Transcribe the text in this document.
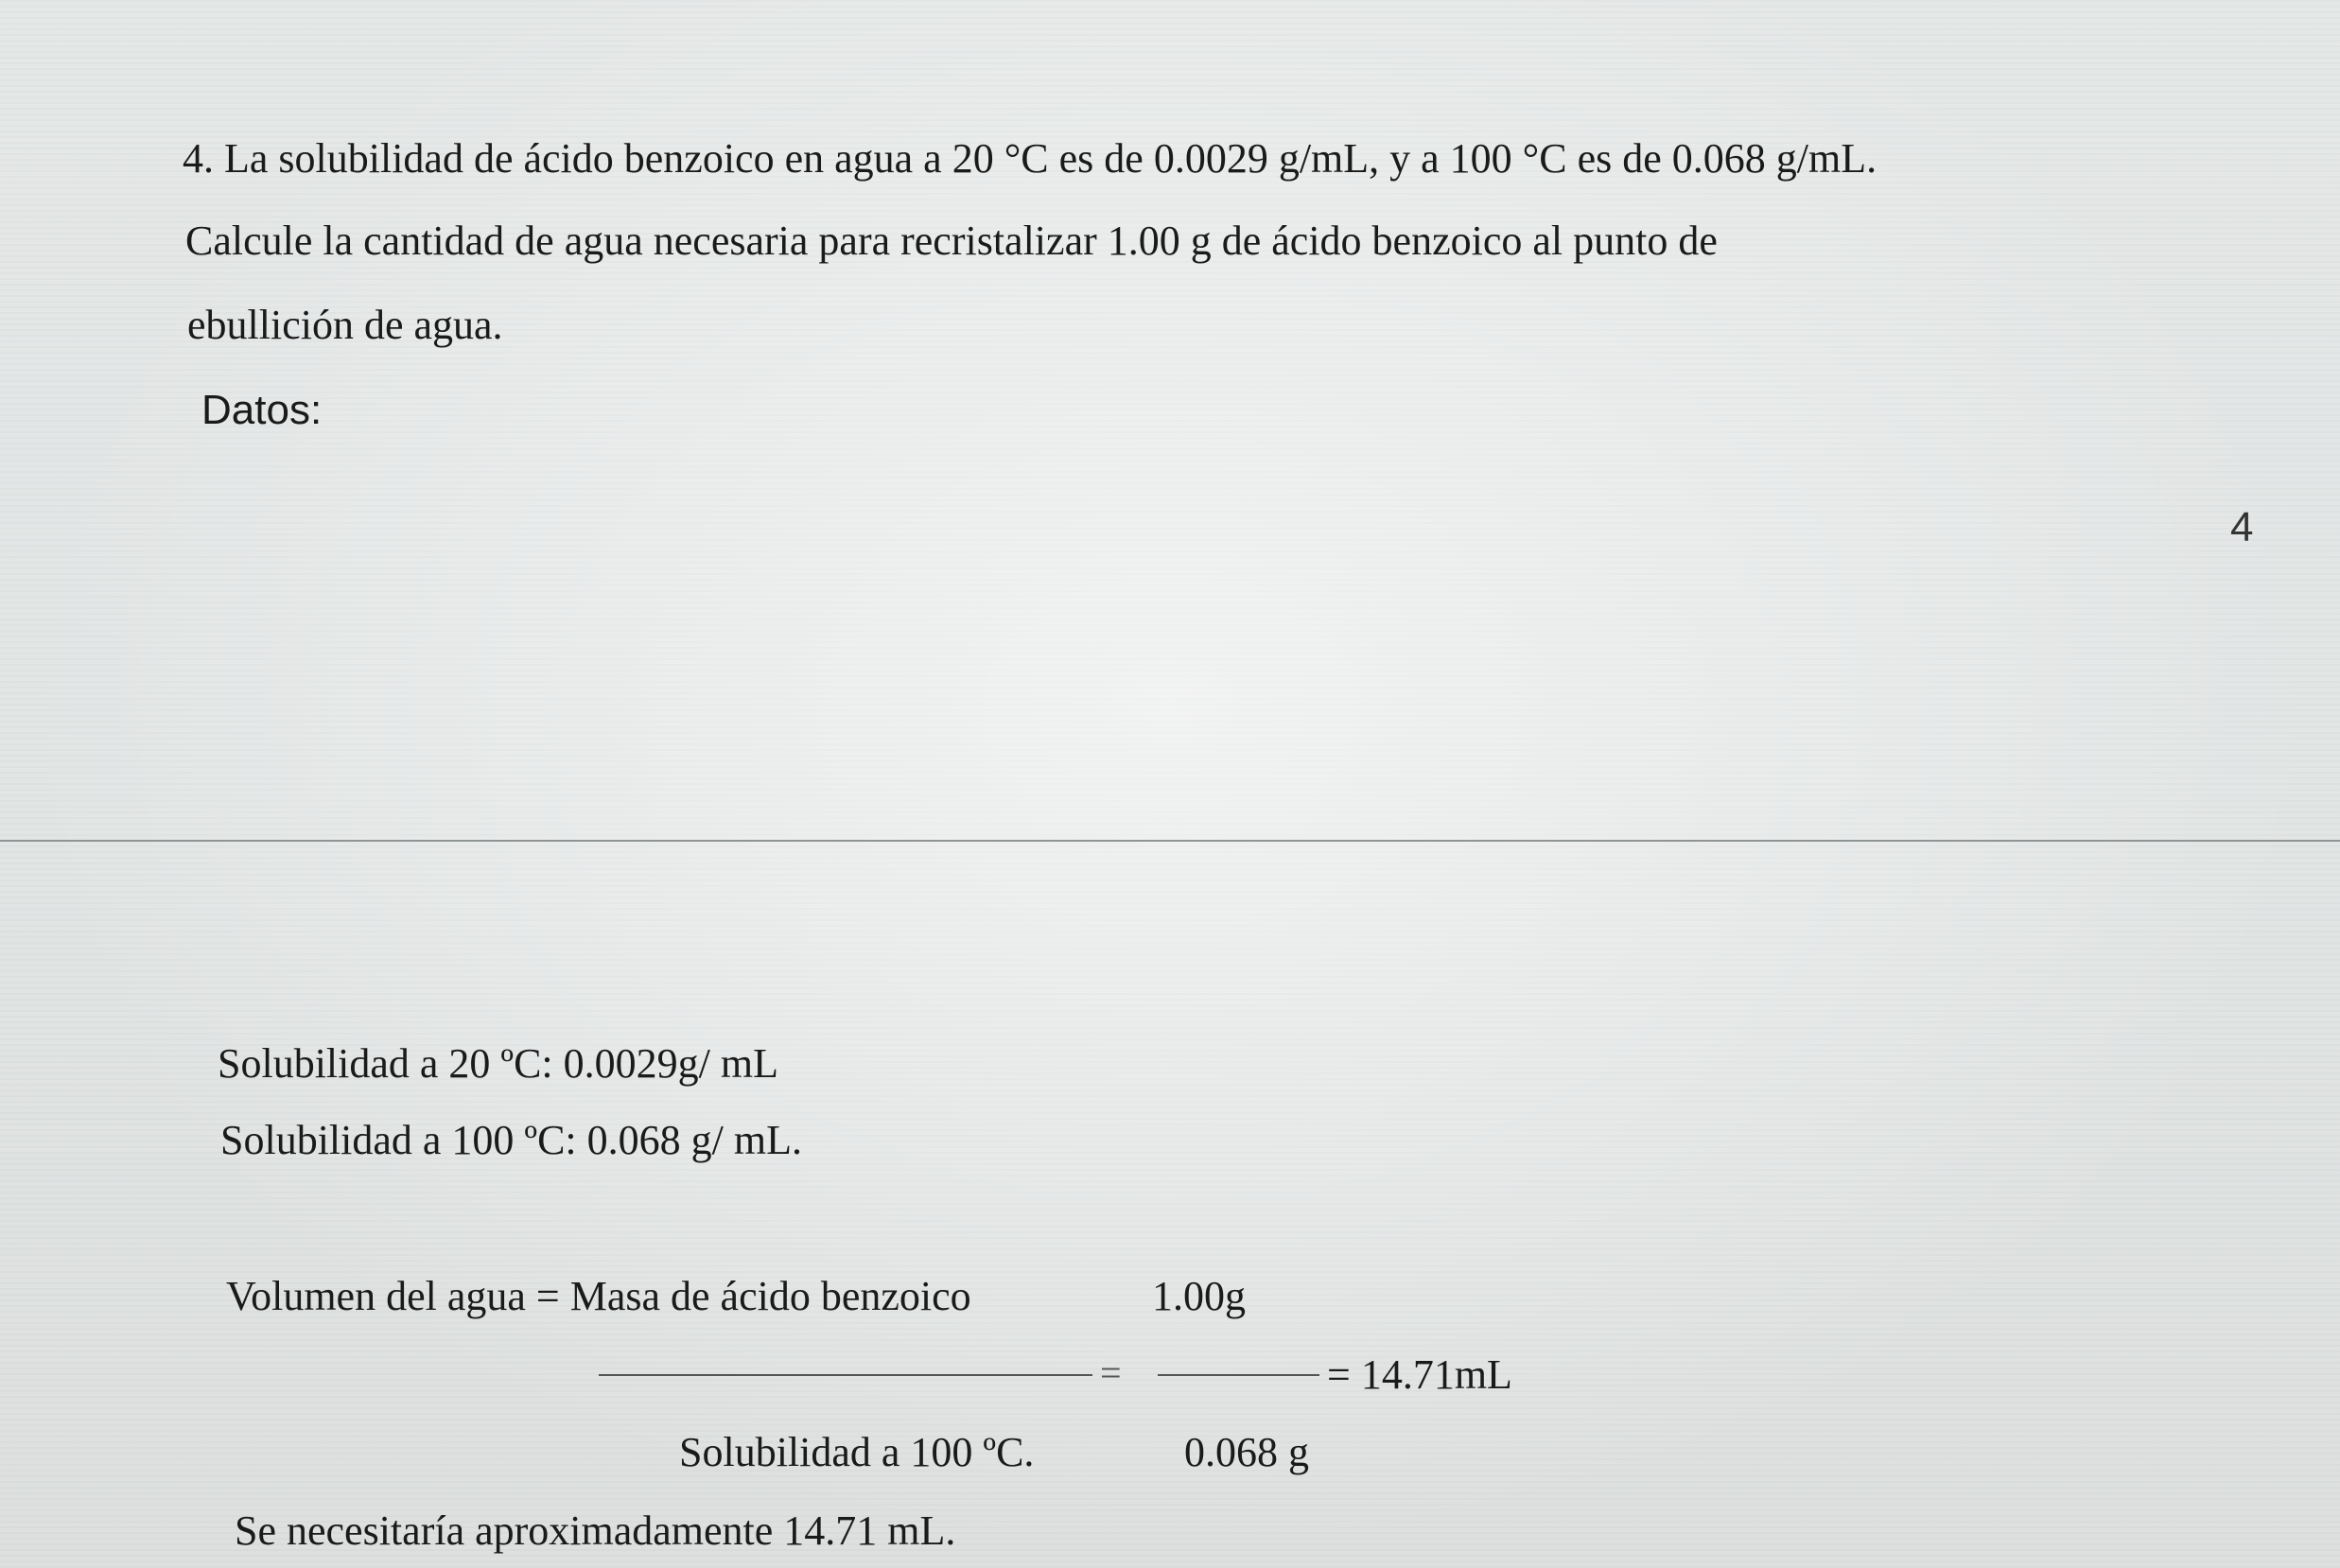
4. La solubilidad de ácido benzoico en agua a 20 °C es de 0.0029 g/mL, y a 100 °C es de 0.068 g/mL.
Calcule la cantidad de agua necesaria para recristalizar 1.00 g de ácido benzoico al punto de
ebullición de agua.
Datos:
4
Solubilidad a 20 ºC: 0.0029g/ mL
Solubilidad a 100 ºC: 0.068 g/ mL.
Volumen del agua = Masa de ácido benzoico	1.00g
=	= 14.71mL
Solubilidad a 100 ºC.	0.068 g
Se necesitaría aproximadamente 14.71 mL.
